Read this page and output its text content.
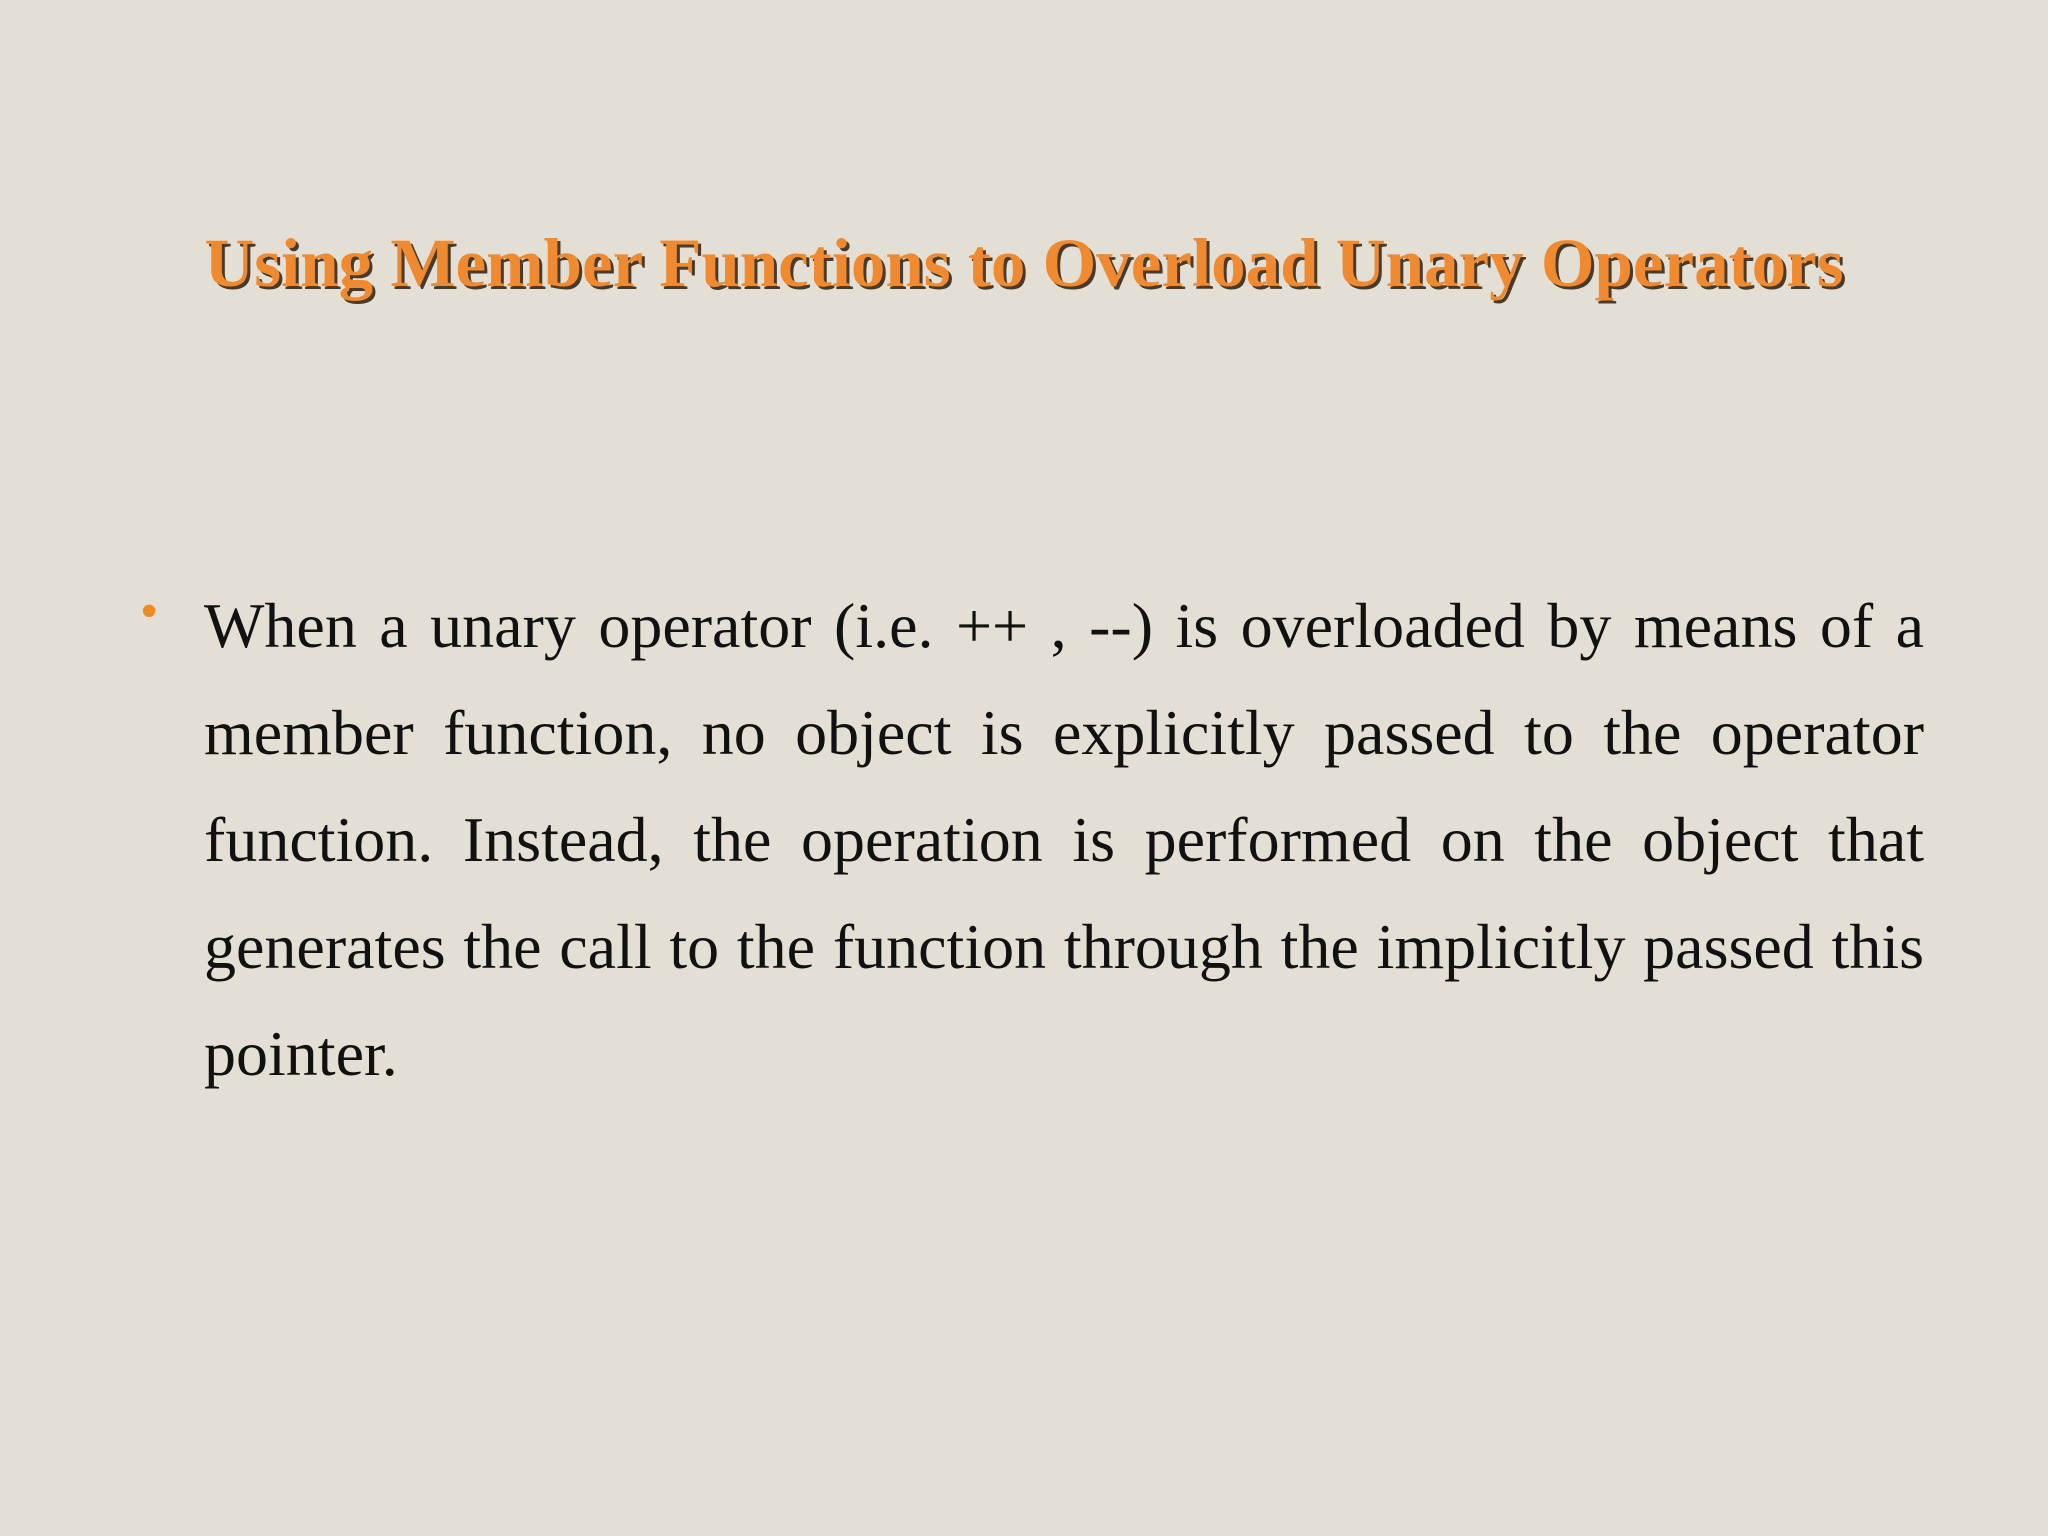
Using Member Functions to Overload Unary Operators
• When a unary operator (i.e. ++ , --) is overloaded by means of a member function, no object is explicitly passed to the operator function. Instead, the operation is performed on the object that generates the call to the function through the implicitly passed this pointer.
